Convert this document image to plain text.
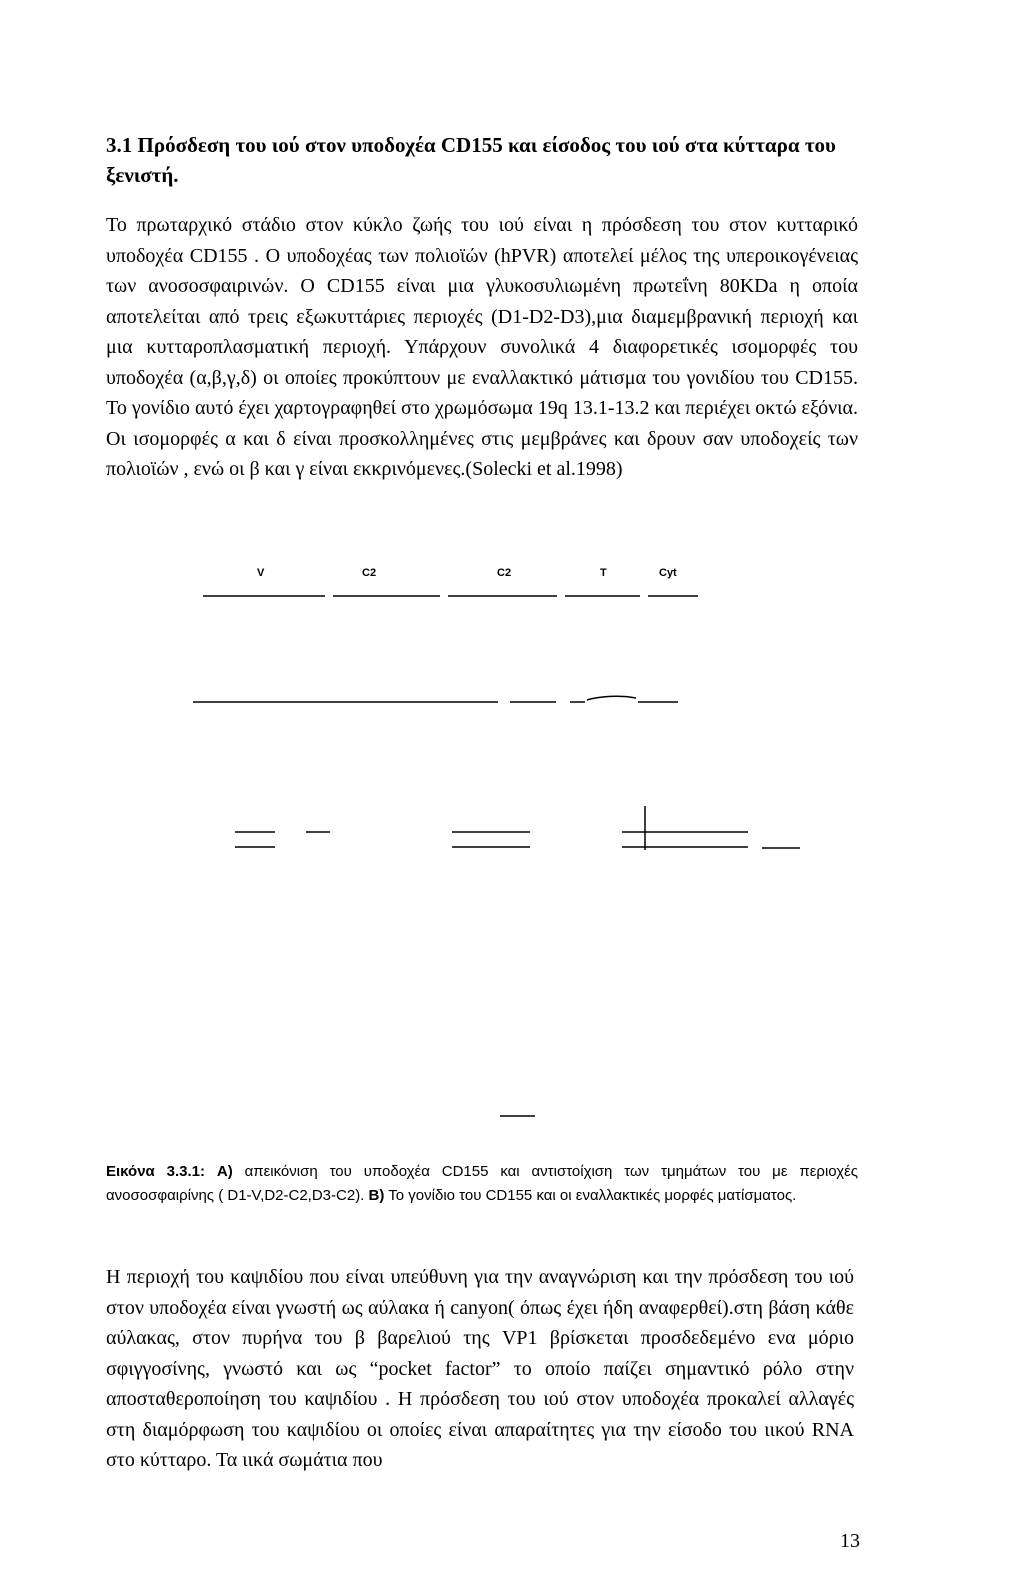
3.1 Πρόσδεση του ιού στον υποδοχέα CD155 και είσοδος του ιού στα κύτταρα του ξενιστή.
Το πρωταρχικό στάδιο στον κύκλο ζωής του ιού είναι η πρόσδεση του στον κυτταρικό υποδοχέα CD155 . Ο υποδοχέας των πολιοϊών (hPVR) αποτελεί μέλος της υπεροικογένειας των ανοσοσφαιρινών. Ο CD155 είναι μια γλυκοσυλιωμένη πρωτεΐνη 80KDa η οποία αποτελείται από τρεις εξωκυττάριες περιοχές (D1-D2-D3),μια διαμεμβρανική περιοχή και μια κυτταροπλασματική περιοχή. Υπάρχουν συνολικά 4 διαφορετικές ισομορφές του υποδοχέα (α,β,γ,δ) οι οποίες προκύπτουν με εναλλακτικό μάτισμα του γονιδίου του CD155. Το γονίδιο αυτό έχει χαρτογραφηθεί στο χρωμόσωμα 19q 13.1-13.2 και περιέχει οκτώ εξόνια. Οι ισομορφές α και δ είναι προσκολλημένες στις μεμβράνες και δρουν σαν υποδοχείς των πολιοϊών , ενώ οι β και γ είναι εκκρινόμενες.(Solecki et al.1998)
V	C2	C2	T	Cyt
Εικόνα 3.3.1: Α) απεικόνιση του υποδοχέα CD155 και αντιστοίχιση των τμημάτων του με περιοχές ανοσοσφαιρίνης ( D1-V,D2-C2,D3-C2). Β) Το γονίδιο του CD155 και οι εναλλακτικές μορφές ματίσματος.
Η περιοχή του καψιδίου που είναι υπεύθυνη για την αναγνώριση και την πρόσδεση του ιού στον υποδοχέα είναι γνωστή ως αύλακα ή canyon( όπως έχει ήδη αναφερθεί).στη βάση κάθε αύλακας, στον πυρήνα του β βαρελιού της VP1 βρίσκεται προσδεδεμένο ενα μόριο σφιγγοσίνης, γνωστό και ως “pocket factor” το οποίο παίζει σημαντικό ρόλο στην αποσταθεροποίηση του καψιδίου . Η πρόσδεση του ιού στον υποδοχέα προκαλεί αλλαγές στη διαμόρφωση του καψιδίου οι οποίες είναι απαραίτητες για την είσοδο του ιικού RNA στο κύτταρο. Τα ιικά σωμάτια που
13
